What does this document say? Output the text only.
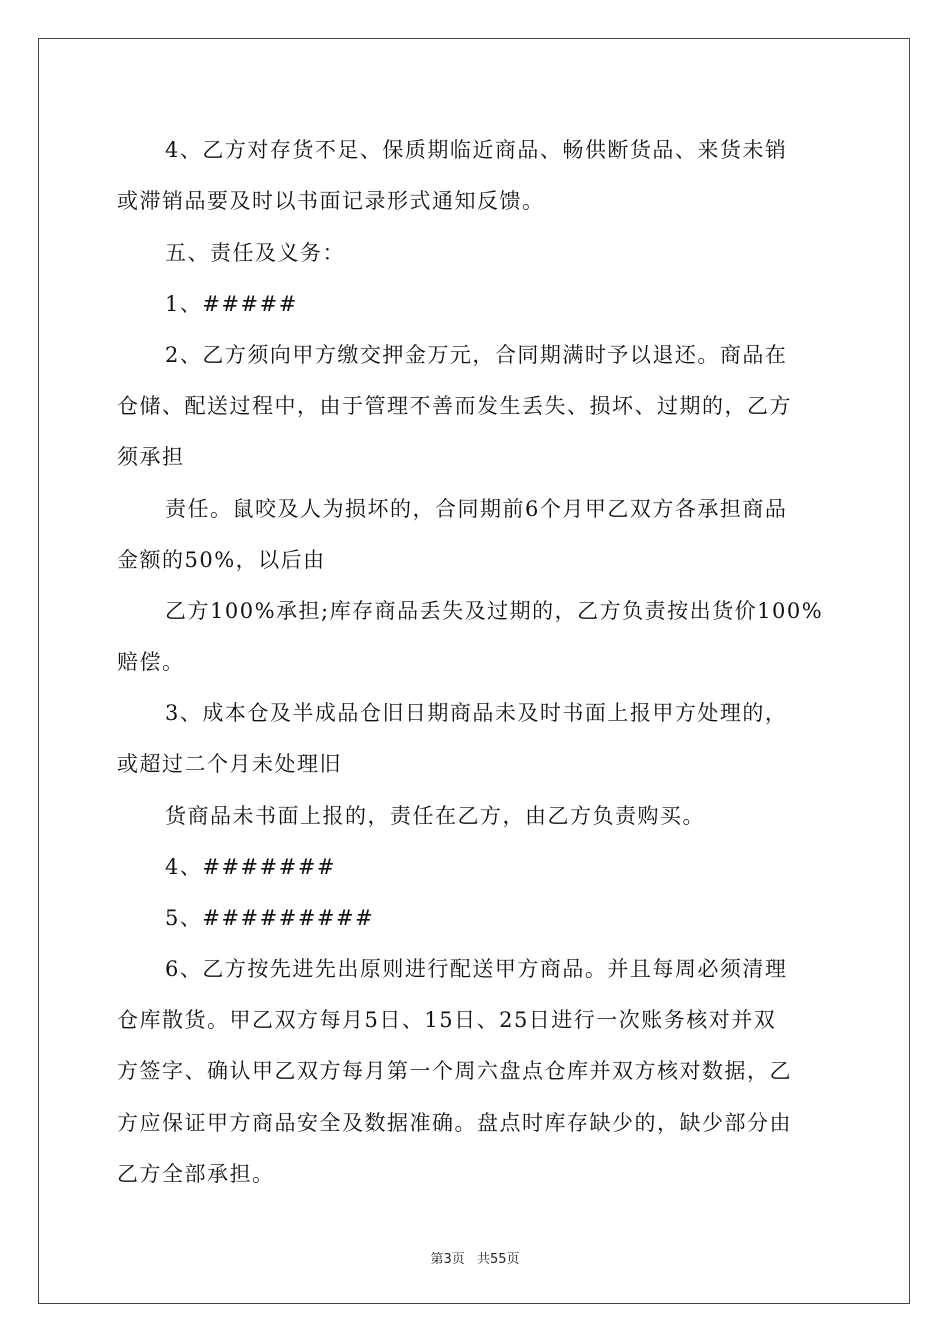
4、乙方对存货不足、保质期临近商品、畅供断货品、来货未销
或滞销品要及时以书面记录形式通知反馈。
五、责任及义务：
1、#####
2、乙方须向甲方缴交押金万元，合同期满时予以退还。商品在
仓储、配送过程中，由于管理不善而发生丢失、损坏、过期的，乙方
须承担
责任。鼠咬及人为损坏的，合同期前6个月甲乙双方各承担商品
金额的50%，以后由
乙方100%承担;库存商品丢失及过期的，乙方负责按出货价100%
赔偿。
3、成本仓及半成品仓旧日期商品未及时书面上报甲方处理的，
或超过二个月未处理旧
货商品未书面上报的，责任在乙方，由乙方负责购买。
4、#######
5、#########
6、乙方按先进先出原则进行配送甲方商品。并且每周必须清理
仓库散货。甲乙双方每月5日、15日、25日进行一次账务核对并双
方签字、确认甲乙双方每月第一个周六盘点仓库并双方核对数据，乙
方应保证甲方商品安全及数据准确。盘点时库存缺少的，缺少部分由
乙方全部承担。
第3页 共55页
